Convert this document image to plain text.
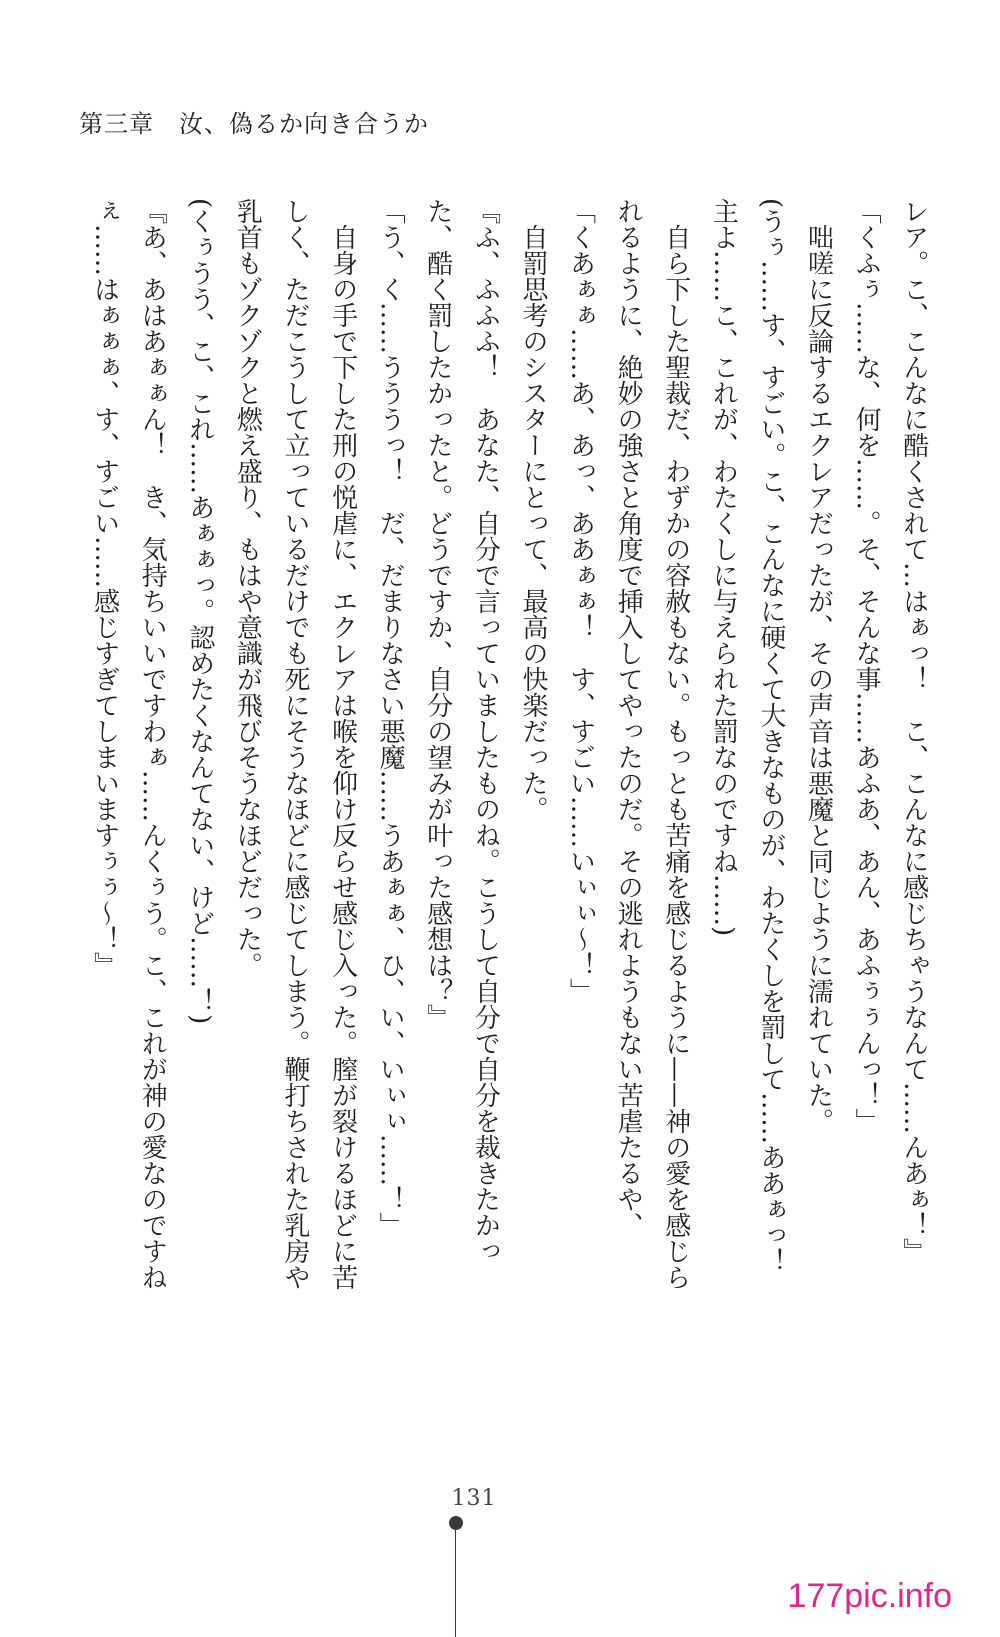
第三章　汝、偽るか向き合うか

レア。こ、こんなに酷くされて…はぁっ！　こ、こんなに感じちゃうなんて……んあぁ！』

「くふぅ……な、何を……。そ、そんな事……あふあ、あん、あふぅぅんっ！」

　咄嗟に反論するエクレアだったが、その声音は悪魔と同じように濡れていた。

(うぅ……す、すごい。こ、こんなに硬くて大きなものが、わたくしを罰して……ああぁっ！　主よ……こ、これが、わたくしに与えられた罰なのですね……)

　自ら下した聖裁だ、わずかの容赦もない。もっとも苦痛を感じるように——神の愛を感じられるように、絶妙の強さと角度で挿入してやったのだ。その逃れようもない苦虐たるや、

「くあぁぁ……あ、あっ、ああぁぁ！　す、すごい……いぃぃ〜！」

　自罰思考のシスターにとって、最高の快楽だった。

『ふ、ふふふ！　あなた、自分で言っていましたものね。こうして自分で自分を裁きたかった、酷く罰したかったと。どうですか、自分の望みが叶った感想は？』

「う、く……うううっ！　だ、だまりなさい悪魔……うあぁぁ、ひ、い、いぃぃ……！」

　自身の手で下した刑の悦虐に、エクレアは喉を仰け反らせ感じ入った。膣が裂けるほどに苦しく、ただこうして立っているだけでも死にそうなほどに感じてしまう。鞭打ちされた乳房や乳首もゾクゾクと燃え盛り、もはや意識が飛びそうなほどだった。

(くぅうう、こ、これ……あぁぁっ。認めたくなんてない、けど……！)

『あ、あはあぁぁん！　き、気持ちいいですわぁ……んくぅう。こ、これが神の愛なのですねぇ……はぁぁぁ、す、すごい……感じすぎてしまいますぅぅ〜！』

131
177pic.info
